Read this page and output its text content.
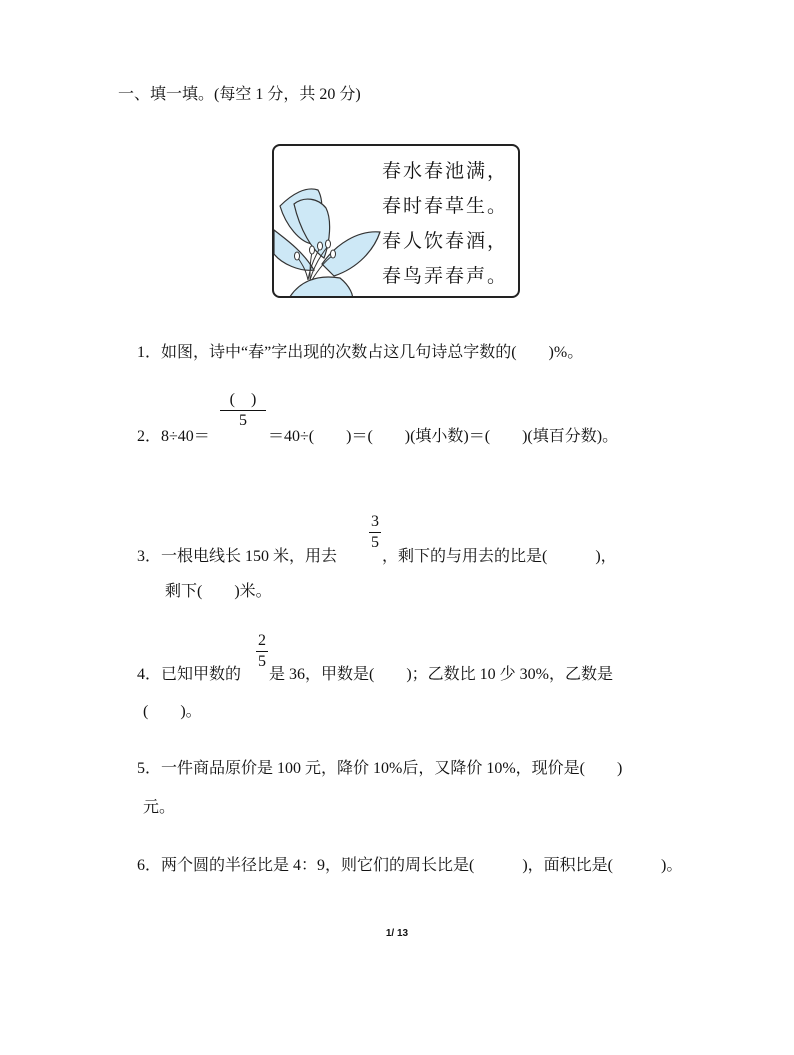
一、填一填。(每空 1 分，共 20 分)
春水春池满，
春时春草生。
春人饮春酒，
春鸟弄春声。
1．如图，诗中“春”字出现的次数占这几句诗总字数的(　　)%。
(　)
5
2．8÷40＝	＝40÷(　　)＝(　　)(填小数)＝(　　)(填百分数)。
3
5
3．一根电线长 150 米，用去	，剩下的与用去的比是(　　　)，
剩下(　　)米。
2
5
4．已知甲数的 是 36，甲数是(　　)；乙数比 10 少 30%，乙数是
(　　)。
5．一件商品原价是 100 元，降价 10%后，又降价 10%，现价是(　　)
元。
6．两个圆的半径比是 4：9，则它们的周长比是(　　　)，面积比是(　　　)。
1/ 13
